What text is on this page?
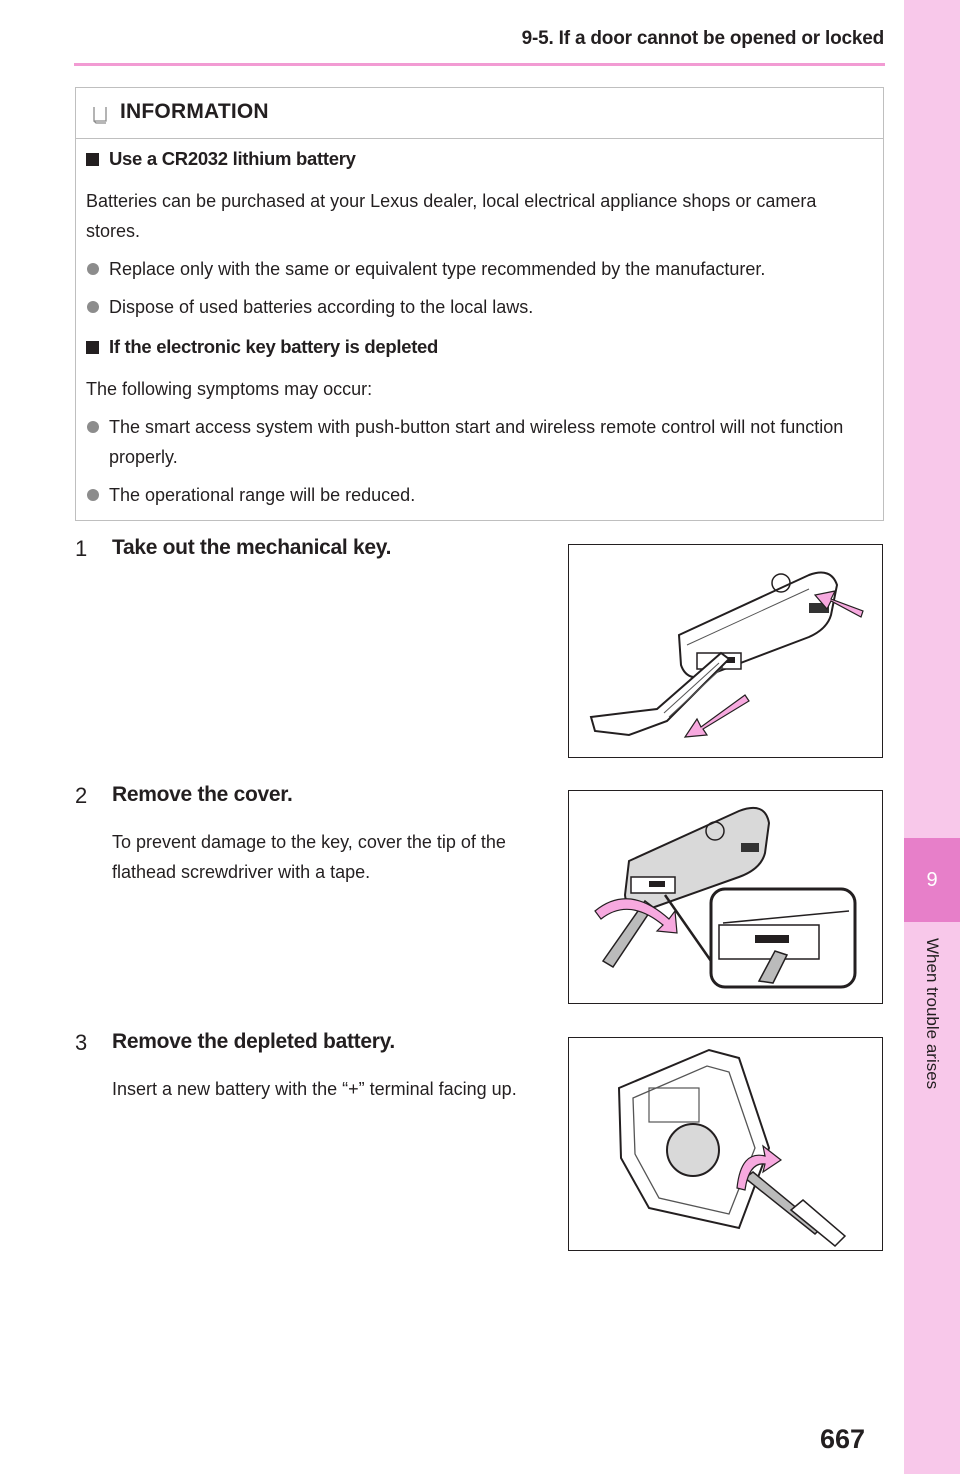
9-5. If a door cannot be opened or locked
9
When trouble arises
INFORMATION
Use a CR2032 lithium battery
Batteries can be purchased at your Lexus dealer, local electrical appliance shops or camera stores.
Replace only with the same or equivalent type recommended by the manufacturer.
Dispose of used batteries according to the local laws.
If the electronic key battery is depleted
The following symptoms may occur:
The smart access system with push-button start and wireless remote control will not function properly.
The operational range will be reduced.
1 Take out the mechanical key.
2 Remove the cover.
To prevent damage to the key, cover the tip of the flathead screwdriver with a tape.
3 Remove the depleted battery.
Insert a new battery with the “+” terminal facing up.
667
